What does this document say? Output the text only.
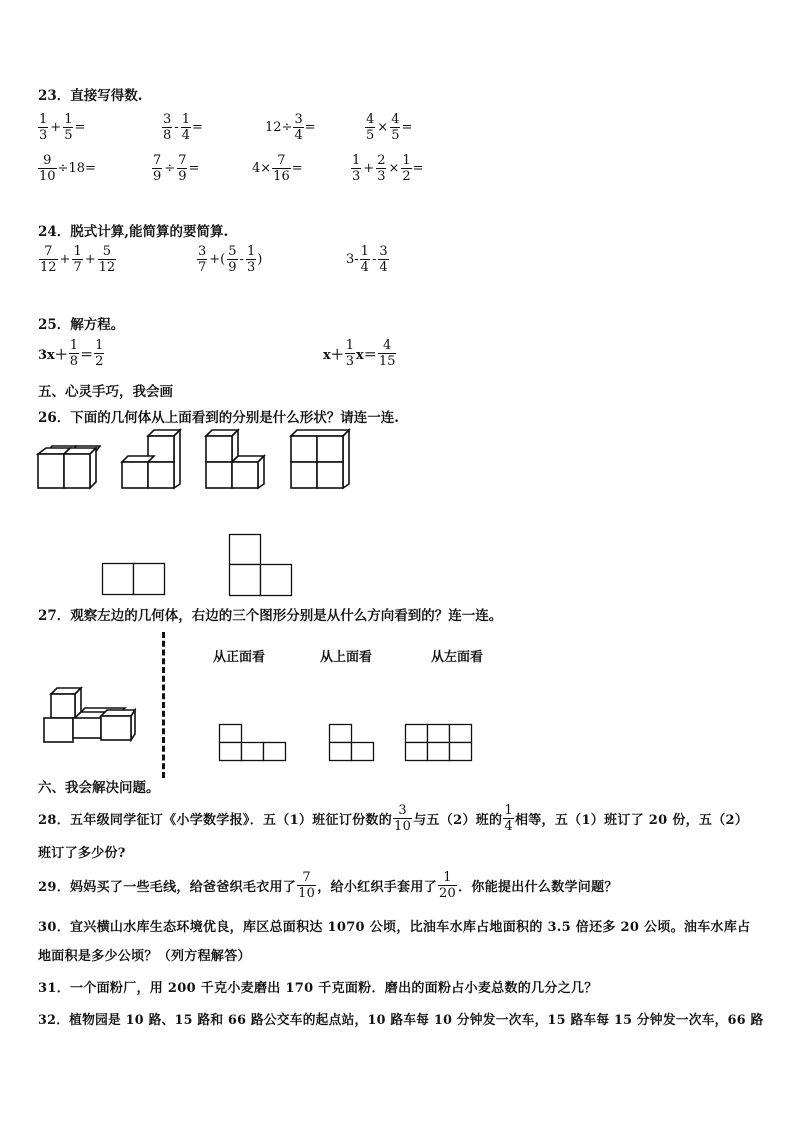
23．直接写得数.
$\frac{1}{3} + \frac{1}{5}$ =	$\frac{3}{8} - \frac{1}{4}$ =	$12\div \frac{3}{4}$ =	$\frac{4}{5} \times \frac{4}{5}$ =
$\frac{9}{10} \div 18=$	$\frac{7}{9} \div \frac{7}{9}$ =	$4\times \frac{7}{16}$ =	$\frac{1}{3} + \frac{2}{3} \times \frac{1}{2}$ =
24．脱式计算,能简算的要简算.
$\frac{7}{12} + \frac{1}{7} + \frac{5}{12}$	$\frac{3}{7}$ +( $\frac{5}{9} - \frac{1}{3}$ )	$3- \frac{1}{4} - \frac{3}{4}$
25．解方程。
$3x+ \frac{1}{8} = \frac{1}{2}$	$x+ \frac{1}{3} x= \frac{4}{15}$
五、心灵手巧，我会画
26．下面的几何体从上面看到的分别是什么形状？请连一连.
27．观察左边的几何体，右边的三个图形分别是从什么方向看到的？连一连。
从正面看	从上面看	从左面看
六、我会解决问题。
28．五年级同学征订《小学数学报》．五（1）班征订份数的 $\frac{3}{10}$ 与五（2）班的 $\frac{1}{4}$ 相等，五（1）班订了 20 份，五（2）
班订了多少份?
29．妈妈买了一些毛线，给爸爸织毛衣用了 $\frac{7}{10}$ ，给小红织手套用了 $\frac{1}{20}$ ．你能提出什么数学问题？
30．宜兴横山水库生态环境优良，库区总面积达 1070 公顷，比油车水库占地面积的 3.5 倍还多 20 公顷。油车水库占
地面积是多少公顷？（列方程解答）
31．一个面粉厂，用 200 千克小麦磨出 170 千克面粉．磨出的面粉占小麦总数的几分之几？
32．植物园是 10 路、15 路和 66 路公交车的起点站，10 路车每 10 分钟发一次车，15 路车每 15 分钟发一次车，66 路
